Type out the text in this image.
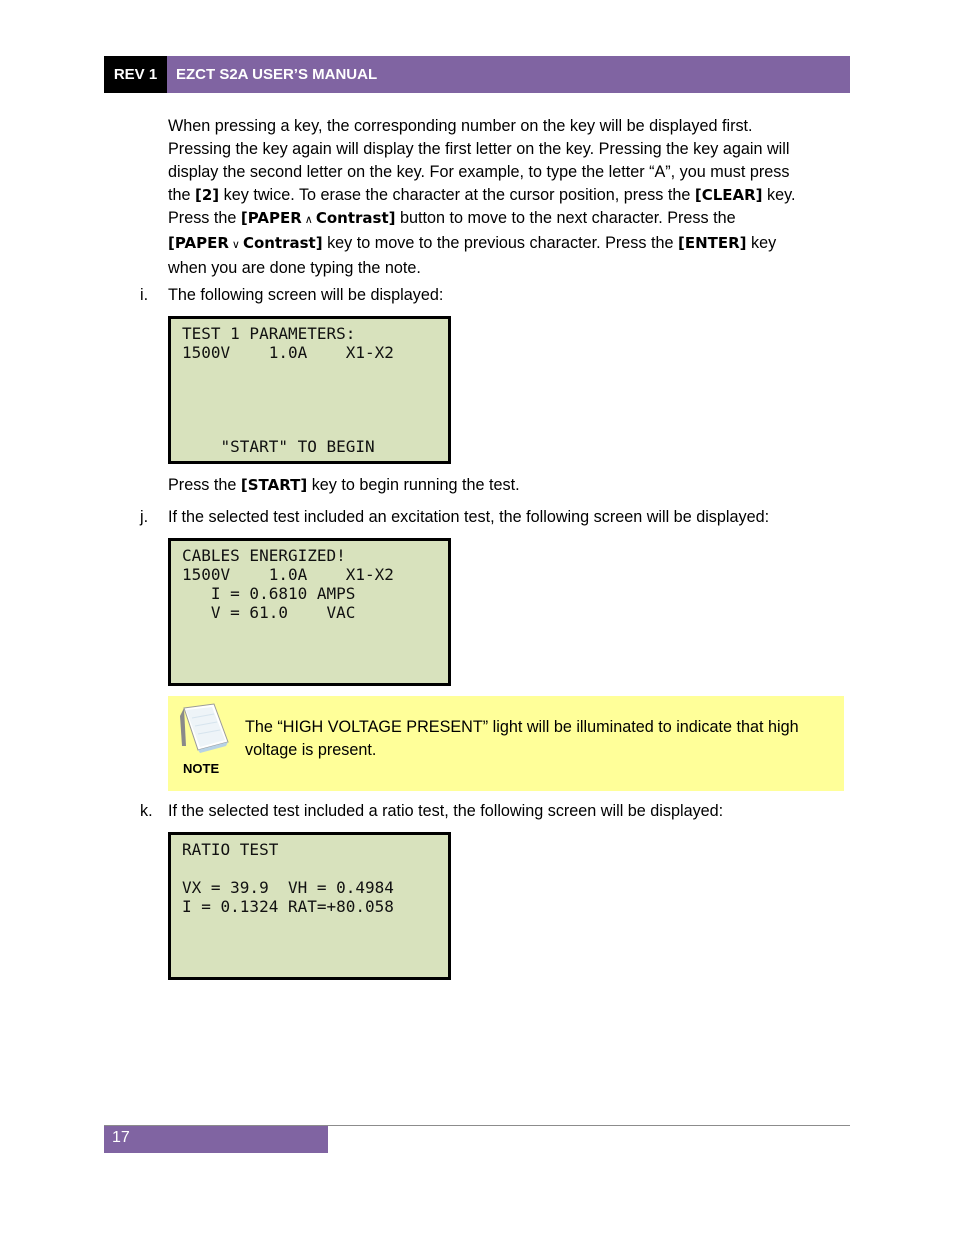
REV 1	EZCT S2A USER’S MANUAL
When pressing a key, the corresponding number on the key will be displayed first.
Pressing the key again will display the first letter on the key. Pressing the key again will
display the second letter on the key. For example, to type the letter “A”, you must press
the [2] key twice. To erase the character at the cursor position, press the [CLEAR] key.
Press the [PAPER ∧ Contrast] button to move to the next character. Press the
[PAPER ∨ Contrast] key to move to the previous character. Press the [ENTER] key
when you are done typing the note.
i.	The following screen will be displayed:
TEST 1 PARAMETERS:
1500V    1.0A    X1-X2
"START" TO BEGIN
Press the [START] key to begin running the test.
j.	If the selected test included an excitation test, the following screen will be displayed:
CABLES ENERGIZED!
1500V    1.0A    X1-X2
I = 0.6810 AMPS
V = 61.0    VAC
NOTE
The “HIGH VOLTAGE PRESENT” light will be illuminated to indicate that high voltage is present.
k. If the selected test included a ratio test, the following screen will be displayed:
RATIO TEST
VX = 39.9  VH = 0.4984
I = 0.1324 RAT=+80.058
17
